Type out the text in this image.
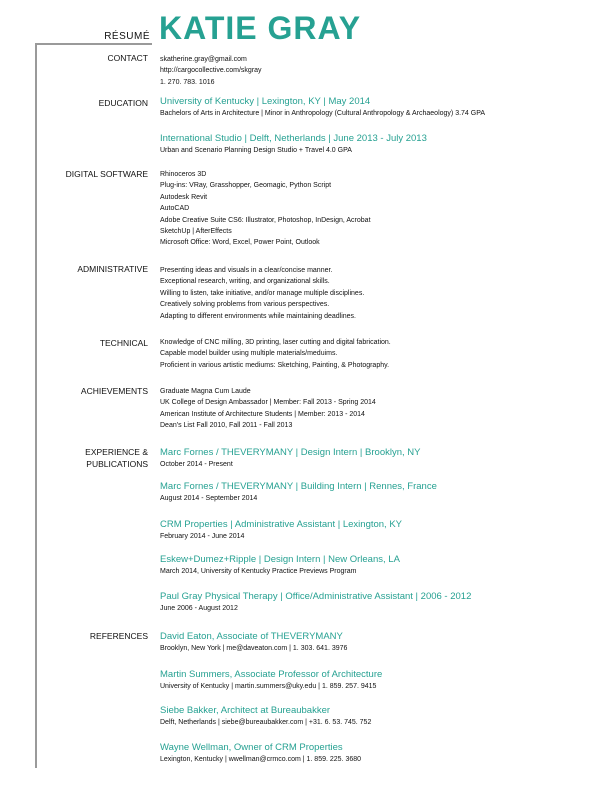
RÉSUMÉ KATIE GRAY
CONTACT skatherine.gray@gmail.com
http://cargocollective.com/skgray
1. 270. 783. 1016
EDUCATION University of Kentucky | Lexington, KY | May 2014
Bachelors of Arts in Architecture | Minor in Anthropology (Cultural Anthropology & Archaeology) 3.74 GPA
International Studio | Delft, Netherlands | June 2013 - July 2013
Urban and Scenario Planning Design Studio + Travel 4.0 GPA
DIGITAL SOFTWARE Rhinoceros 3D
Plug-ins: VRay, Grasshopper, Geomagic, Python Script
Autodesk Revit
AutoCAD
Adobe Creative Suite CS6: Illustrator, Photoshop, InDesign, Acrobat
SketchUp | AfterEffects
Microsoft Office: Word, Excel, Power Point, Outlook
ADMINISTRATIVE Presenting ideas and visuals in a clear/concise manner.
Exceptional research, writing, and organizational skills.
Willing to listen, take initiative, and/or manage multiple disciplines.
Creatively solving problems from various perspectives.
Adapting to different environments while maintaining deadlines.
TECHNICAL Knowledge of CNC milling, 3D printing, laser cutting and digital fabrication.
Capable model builder using multiple materials/meduims.
Proficient in various artistic mediums: Sketching, Painting, & Photography.
ACHIEVEMENTS Graduate Magna Cum Laude
UK College of Design Ambassador | Member: Fall 2013 - Spring 2014
American Institute of Architecture Students | Member: 2013 - 2014
Dean's List Fall 2010, Fall 2011 - Fall 2013
EXPERIENCE &
PUBLICATIONS
Marc Fornes / THEVERYMANY | Design Intern | Brooklyn, NY
October 2014 - Present
Marc Fornes / THEVERYMANY | Building Intern | Rennes, France
August 2014 - September 2014
CRM Properties | Administrative Assistant | Lexington, KY
February 2014 - June 2014
Eskew+Dumez+Ripple | Design Intern | New Orleans, LA
March 2014, University of Kentucky Practice Previews Program
Paul Gray Physical Therapy | Office/Administrative Assistant | 2006 - 2012
June 2006 - August 2012
REFERENCES David Eaton, Associate of THEVERYMANY
Brooklyn, New York | me@daveaton.com | 1. 303. 641. 3976
Martin Summers, Associate Professor of Architecture
University of Kentucky | martin.summers@uky.edu | 1. 859. 257. 9415
Siebe Bakker, Architect at Bureaubakker
Delft, Netherlands | siebe@bureaubakker.com | +31. 6. 53. 745. 752
Wayne Wellman, Owner of CRM Properties
Lexington, Kentucky | wwellman@crmco.com | 1. 859. 225. 3680
